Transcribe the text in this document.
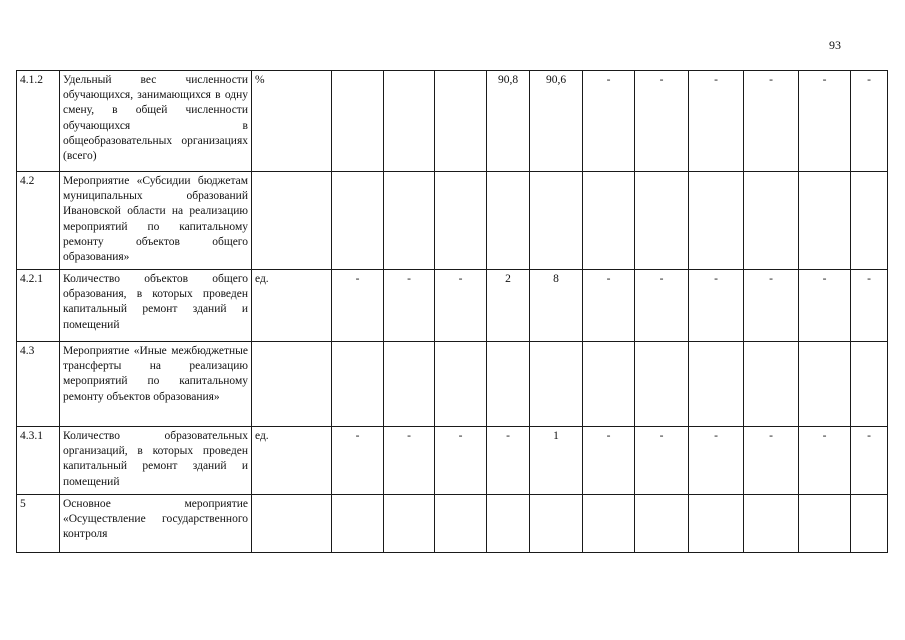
93
4.1.2	Удельный вес численности обучающихся, занимающихся в одну смену, в общей численности обучающихся в общеобразовательных организациях (всего)	%				90,8	90,6	-	-	-	-	-	-
4.2	Мероприятие «Субсидии бюджетам муниципальных образований Ивановской области на реализацию мероприятий по капитальному ремонту объектов общего образования»												
4.2.1	Количество объектов общего образования, в которых проведен капитальный ремонт зданий и помещений	ед.	-	-	-	2	8	-	-	-	-	-	-
4.3	Мероприятие «Иные межбюджетные трансферты на реализацию мероприятий по капитальному ремонту объектов образования»												
4.3.1	Количество образовательных организаций, в которых проведен капитальный ремонт зданий и помещений	ед.	-	-	-	-	1	-	-	-	-	-	-
5	Основное мероприятие «Осуществление государственного контроля												
